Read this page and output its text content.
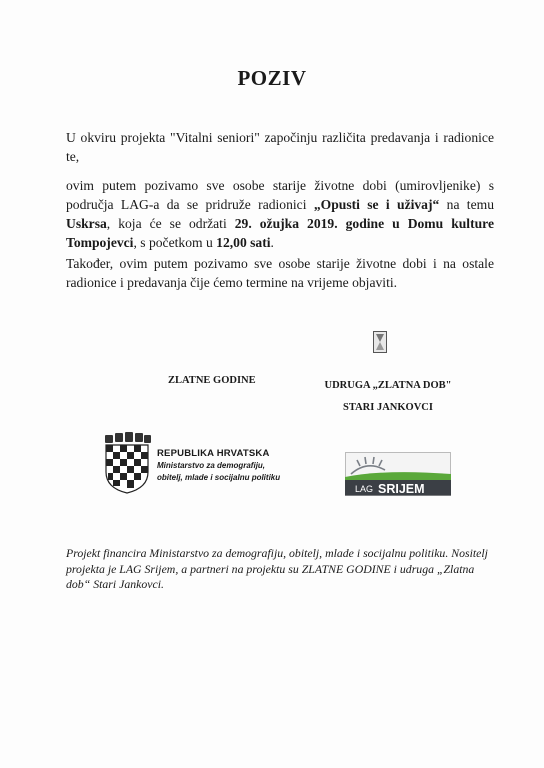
POZIV
U okviru projekta "Vitalni seniori" započinju različita predavanja i radionice te,
ovim putem pozivamo sve osobe starije životne dobi (umirovljenike) s područja LAG-a da se pridruže radionici „Opusti se i uživaj“ na temu Uskrsa, koja će se održati 29. ožujka 2019. godine u Domu kulture Tompojevci, s početkom u 12,00 sati.
Također, ovim putem pozivamo sve osobe starije životne dobi i na ostale radionice i predavanja čije ćemo termine na vrijeme objaviti.
ZLATNE GODINE	UDRUGA „ZLATNA DOB"
STARI JANKOVCI
REPUBLIKA HRVATSKA
Ministarstvo za demografiju,
obitelj, mlade i socijalnu politiku
LAG SRIJEM
Projekt financira Ministarstvo za demografiju, obitelj, mlade i socijalnu politiku. Nositelj projekta je LAG Srijem, a partneri na projektu su ZLATNE GODINE i udruga „Zlatna dob“ Stari Jankovci.
